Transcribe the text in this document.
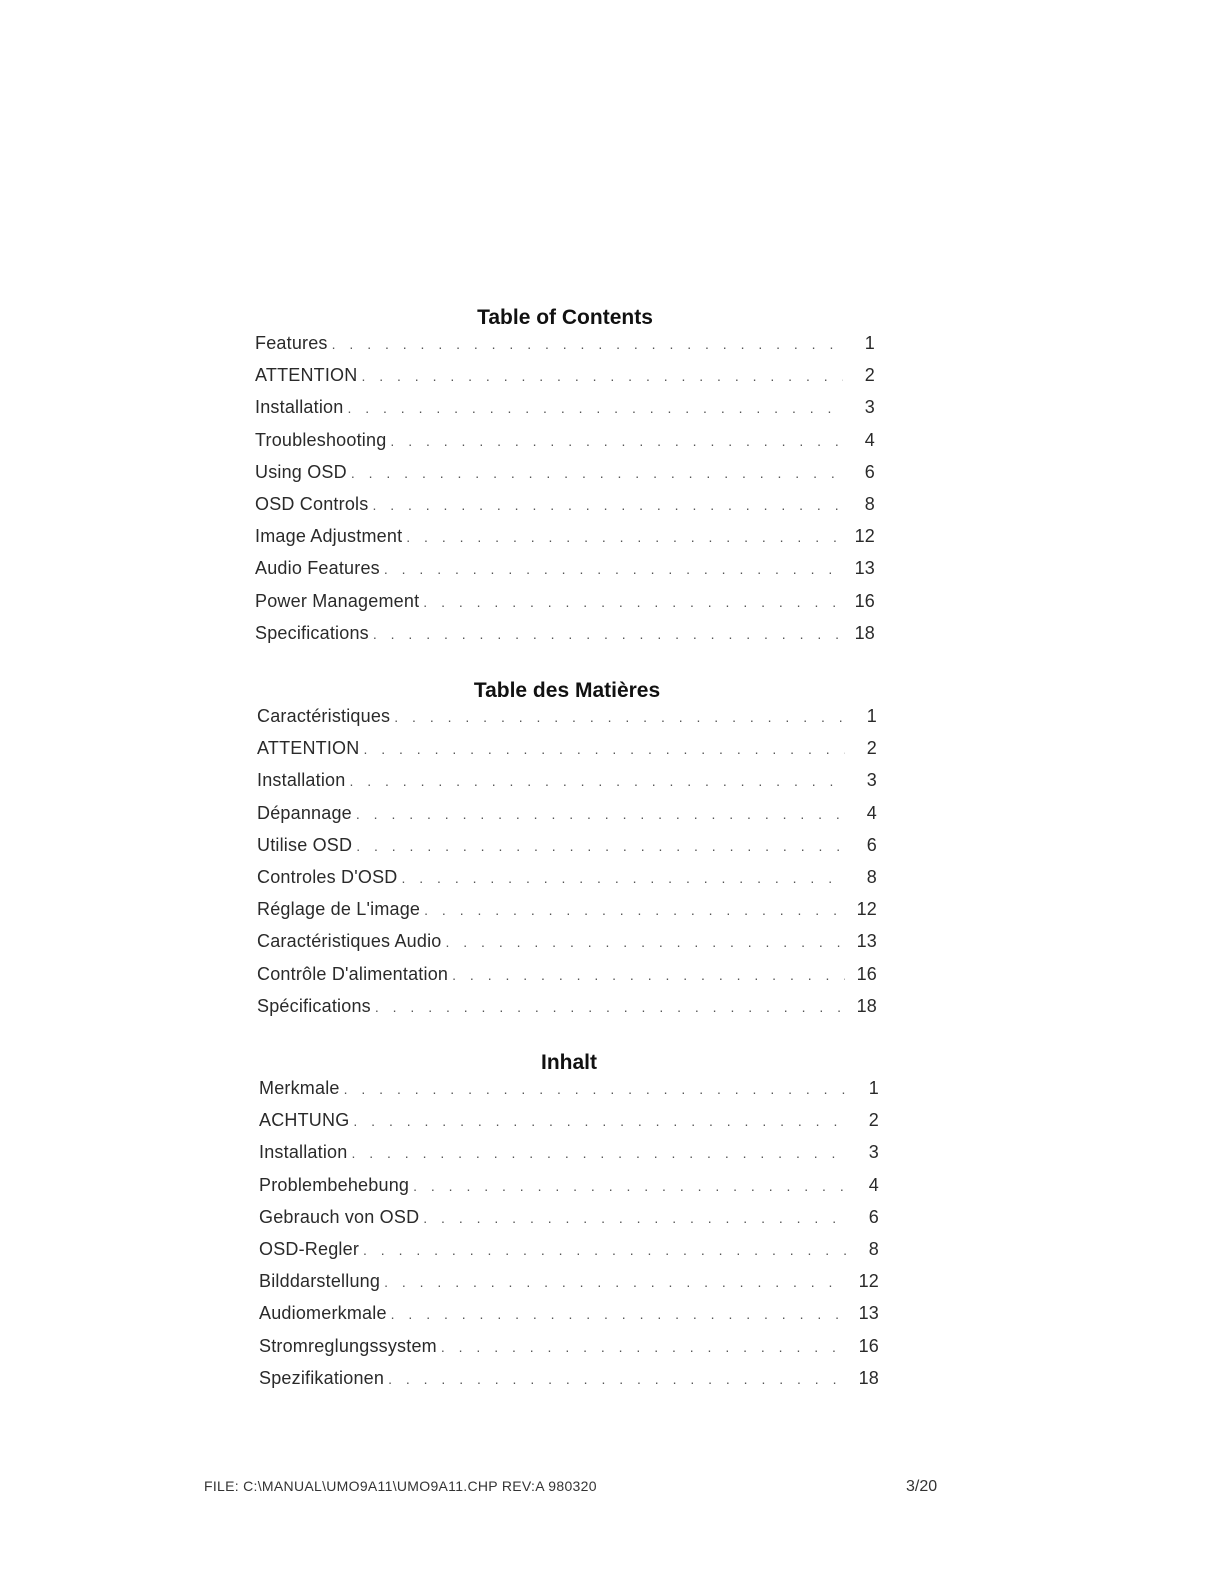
Table of Contents
Features . . .	1
ATTENTION . . .	2
Installation . . .	3
Troubleshooting . . .	4
Using OSD . . .	6
OSD Controls . . .	8
Image Adjustment . . .	12
Audio Features . . .	13
Power Management . . .	16
Specifications . . .	18
Table des Matières
Caractéristiques . . .	1
ATTENTION . . .	2
Installation . . .	3
Dépannage . . .	4
Utilise OSD . . .	6
Controles D'OSD . . .	8
Réglage de L'image . . .	12
Caractéristiques Audio . . .	13
Contrôle D'alimentation . . .	16
Spécifications . . .	18
Inhalt
Merkmale . . .	1
ACHTUNG . . .	2
Installation . . .	3
Problembehebung . . .	4
Gebrauch von OSD . . .	6
OSD-Regler . . .	8
Bilddarstellung . . .	12
Audiomerkmale . . .	13
Stromreglungssystem . . .	16
Spezifikationen . . .	18
FILE: C:\MANUAL\UMO9A11\UMO9A11.CHP REV:A 980320	3/20
